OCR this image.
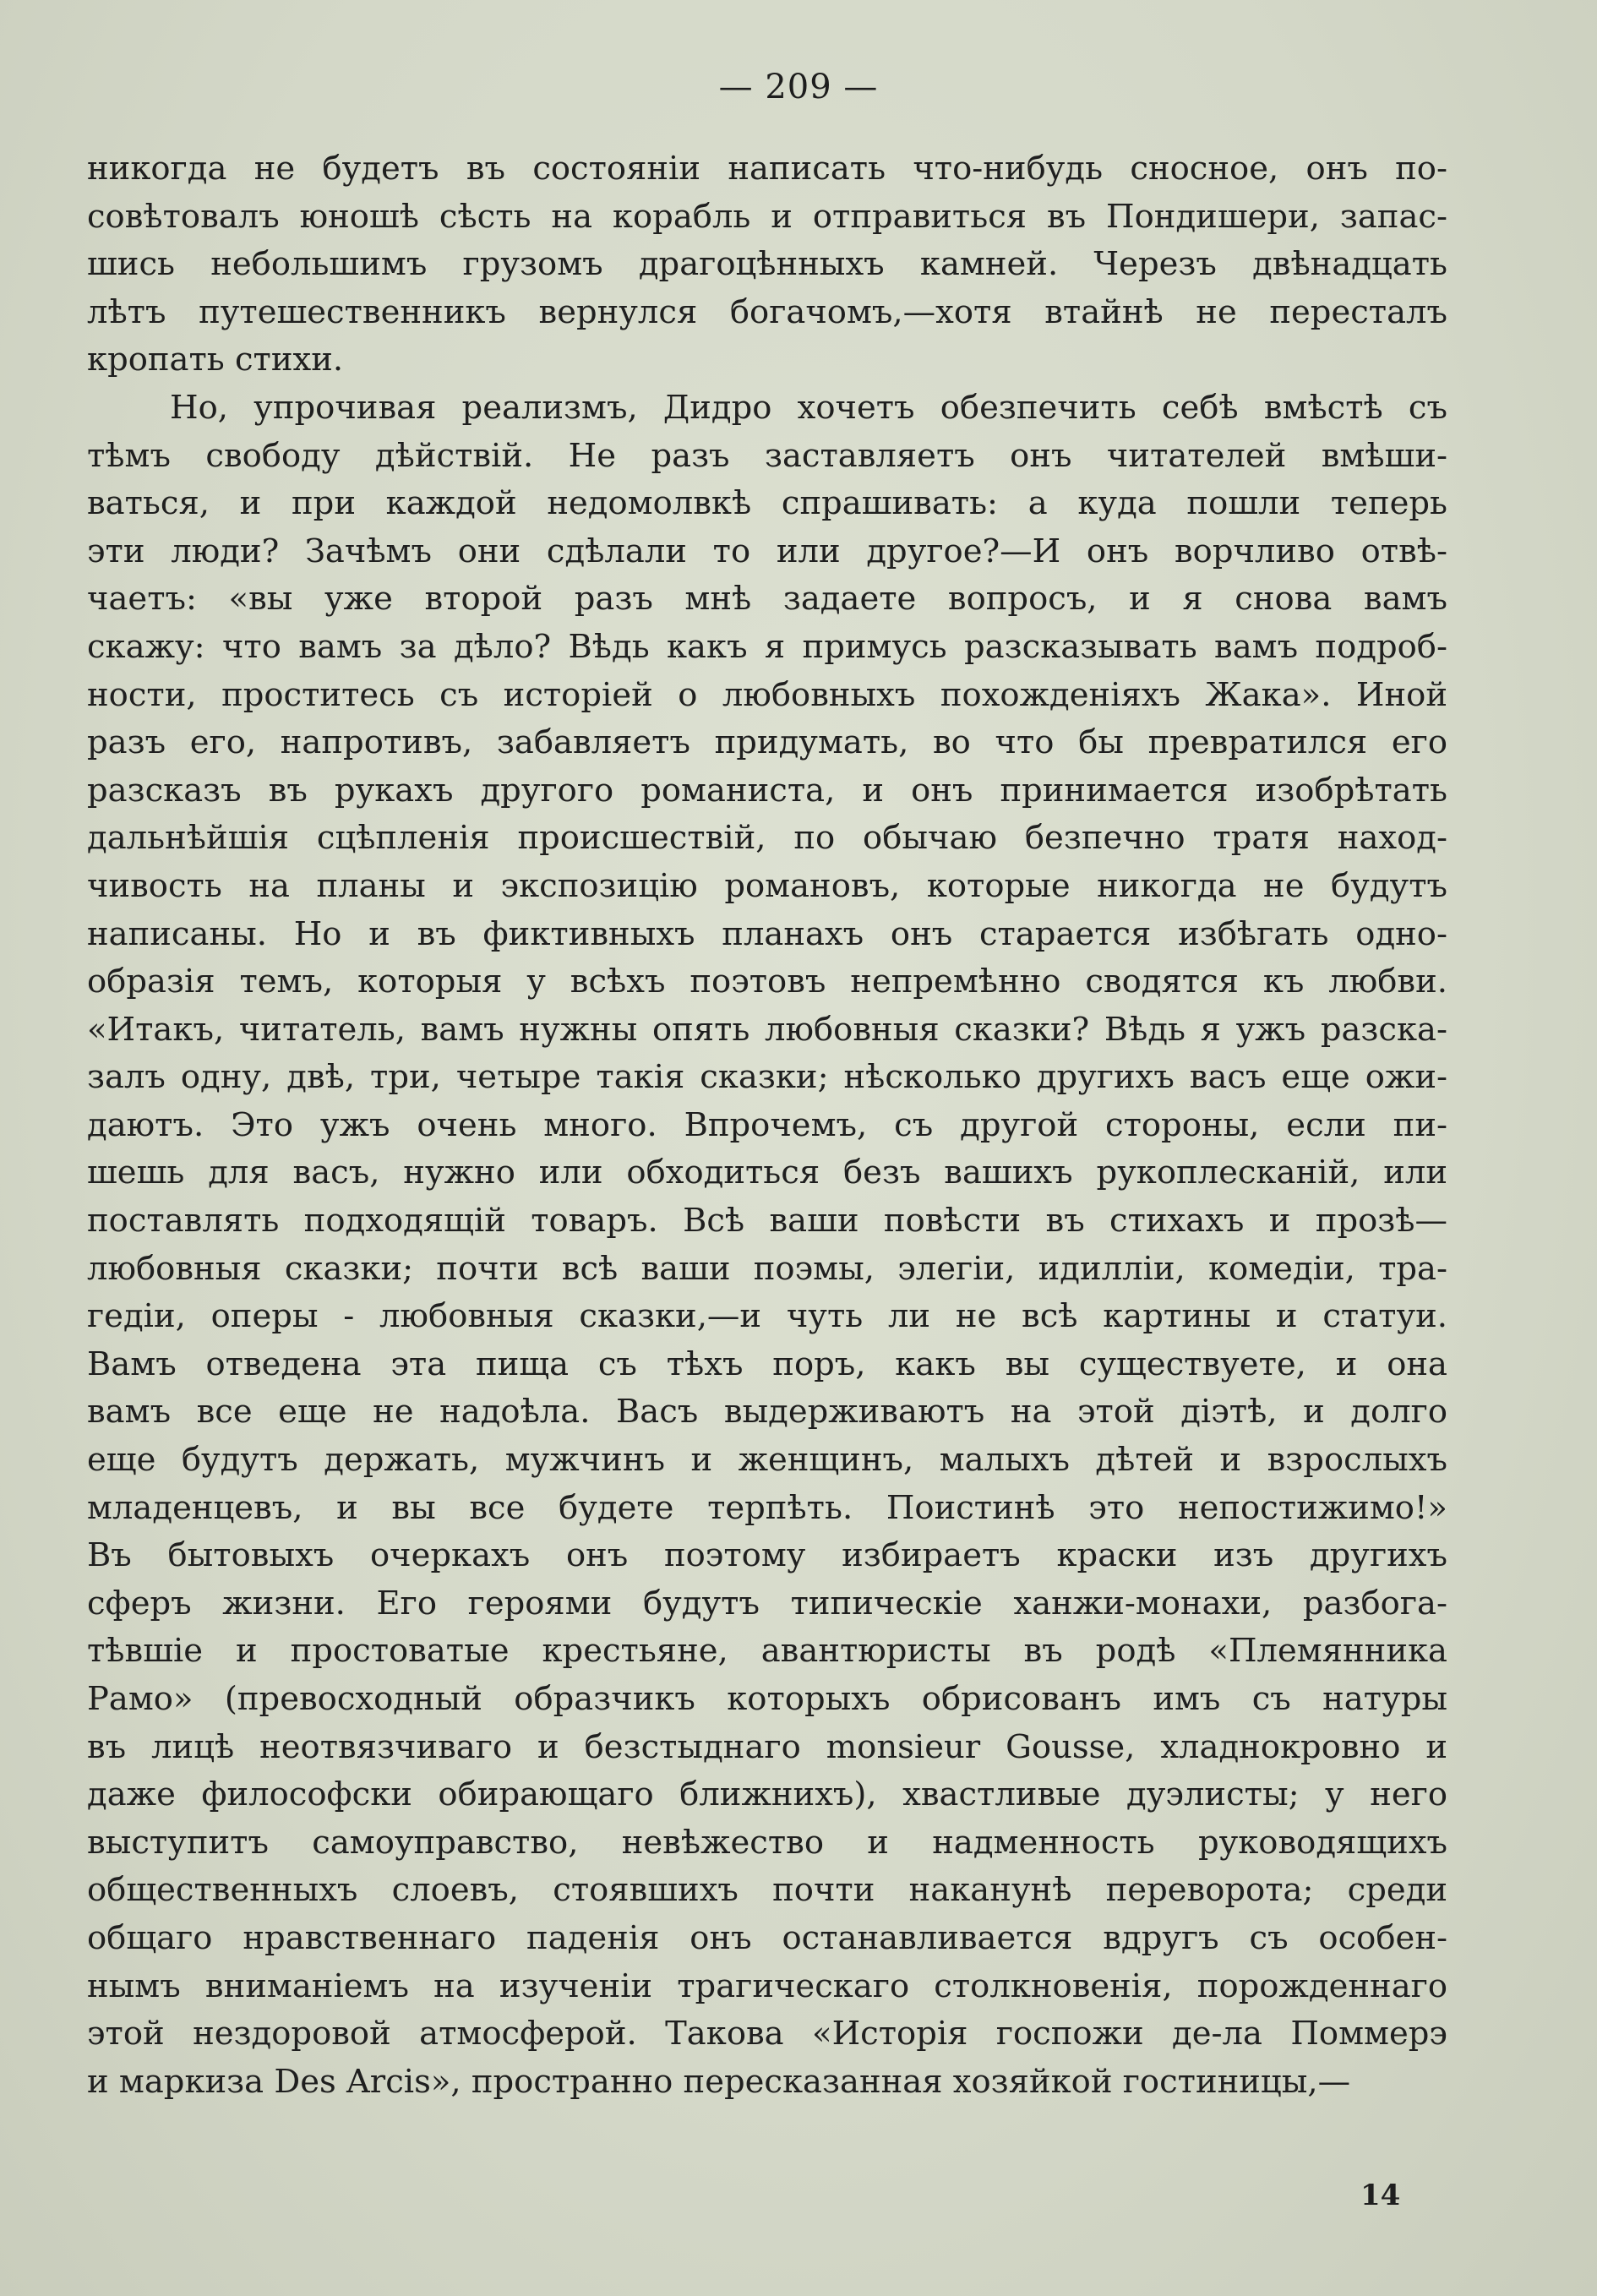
— 209 —
никогда не будетъ въ состояніи написать что-нибудь сносное, онъ по-
совѣтовалъ юношѣ сѣсть на корабль и отправиться въ Пондишери, запас-
шись небольшимъ грузомъ драгоцѣнныхъ камней. Черезъ двѣнадцать
лѣтъ путешественникъ вернулся богачомъ,—хотя втайнѣ не переcталъ
кропать стихи.
Но, упрочивая реализмъ, Дидро хочетъ обезпечить себѣ вмѣстѣ съ
тѣмъ свободу дѣйствій. Не разъ заставляетъ онъ читателей вмѣши-
ваться, и при каждой недомолвкѣ спрашивать: а куда пошли теперь
эти люди? Зачѣмъ они сдѣлали то или другое?—И онъ ворчливо отвѣ-
чаетъ: «вы уже второй разъ мнѣ задаете вопросъ, и я снова вамъ
скажу: что вамъ за дѣло? Вѣдь какъ я примусь разсказывать вамъ подроб-
ности, проститесь съ исторіей о любовныхъ похожденіяхъ Жака». Иной
разъ его, напротивъ, забавляетъ придумать, во что бы превратился его
разсказъ въ рукахъ другого романиста, и онъ принимается изобрѣтать
дальнѣйшія сцѣпленія происшествій, по обычаю безпечно тратя наход-
чивость на планы и экспозицію романовъ, которые никогда не будутъ
написаны. Но и въ фиктивныхъ планахъ онъ старается избѣгать одно-
образія темъ, которыя у всѣхъ поэтовъ непремѣнно сводятся къ любви.
«Итакъ, читатель, вамъ нужны опять любовныя сказки? Вѣдь я ужъ разска-
залъ одну, двѣ, три, четыре такія сказки; нѣсколько другихъ васъ еще ожи-
даютъ. Это ужъ очень много. Впрочемъ, съ другой стороны, если пи-
шешь для васъ, нужно или обходиться безъ вашихъ рукоплесканій, или
поставлять подходящій товаръ. Всѣ ваши повѣсти въ стихахъ и прозѣ—
любовныя сказки; почти всѣ ваши поэмы, элегіи, идилліи, комедіи, тра-
гедіи, оперы - любовныя сказки,—и чуть ли не всѣ картины и статуи.
Вамъ отведена эта пища съ тѣхъ поръ, какъ вы существуете, и она
вамъ все еще не надоѣла. Васъ выдерживаютъ на этой діэтѣ, и долго
еще будутъ держать, мужчинъ и женщинъ, малыхъ дѣтей и взрослыхъ
младенцевъ, и вы все будете терпѣть. Поистинѣ это непостижимо!»
Въ бытовыхъ очеркахъ онъ поэтому избираетъ краски изъ другихъ
сферъ жизни. Его героями будутъ типическіе ханжи-монахи, разбога-
тѣвшіе и простоватые крестьяне, авантюристы въ родѣ «Племянника
Рамо» (превосходный образчикъ которыхъ обрисованъ имъ съ натуры
въ лицѣ неотвязчиваго и безстыднаго monsieur Gousse, хладнокровно и
даже философски обирающаго ближнихъ), хвастливые дуэлисты; у него
выступитъ самоуправство, невѣжество и надменность руководящихъ
общественныхъ слоевъ, стоявшихъ почти наканунѣ переворота; среди
общаго нравственнаго паденія онъ останавливается вдругъ съ особен-
нымъ вниманіемъ на изученіи трагическаго столкновенія, порожденнаго
этой нездоровой атмосферой. Такова «Исторія госпожи де-ла Поммерэ
и маркиза Des Arcis», пространно пересказанная хозяйкой гостиницы,—
14
